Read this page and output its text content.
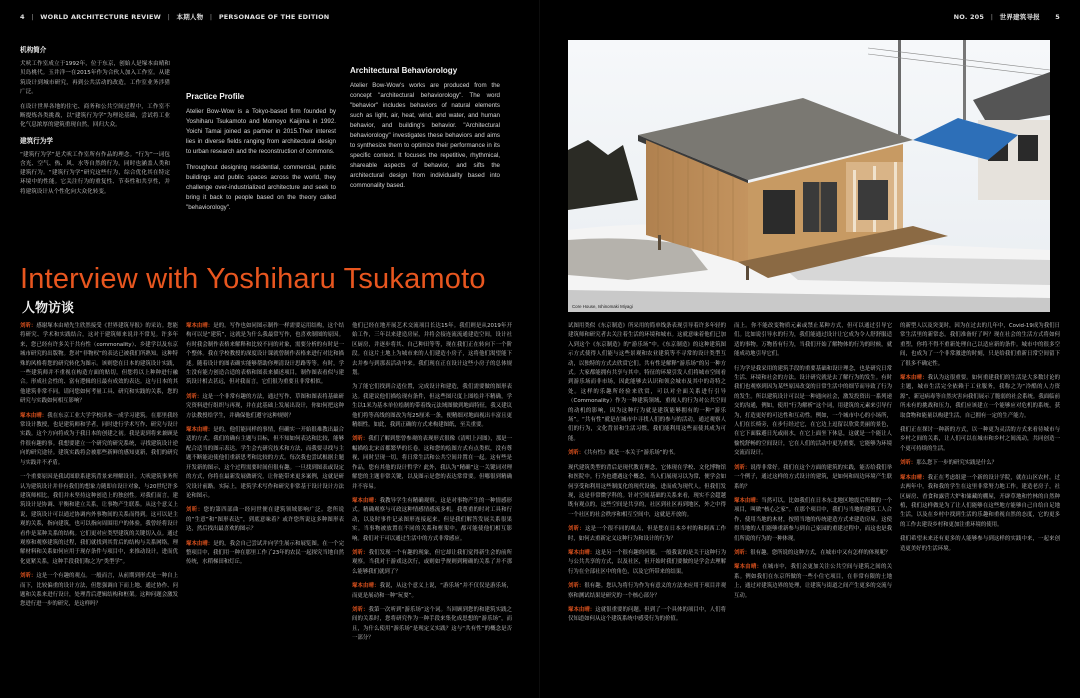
4 | WORLD ARCHITECTURE REVIEW | 本期人物 | PERSONAGE OF THE EDITION
机构简介

犬吠工作室成立于1992年，位于东京，创始人是塚本由晴和贝岛桃代。玉井洋一在2015年作为合伙人加入工作室。从建筑设计到城市研究，再到公共活动的改造，工作室业务涉猎广泛。

在设计世界各地的住宅、商务和公共空间过程中，工作室不断提炼各类挑战，以“建筑行为学”为理论基础，尝试将工业化气息浓厚的建筑重现自然，回归大众。

建筑行为学

“建筑行为学”是犬吠工作室所有作品的理念。“行为”一词包含光、空气、热、风、水等自然的行为，同时也涵盖人类和建筑行为。“建筑行为学”研究这些行为，综合优化其在特定环境中的性能。它关注行为的重复性、节奏性和共享性，并将建筑设计从个性化向大众化转变。

Practice Profile

Atelier Bow-Wow is a Tokyo-based firm founded by Yoshiharu Tsukamoto and Momoyo Kaijima in 1992. Yoichi Tamai joined as partner in 2015.Their interest lies in diverse fields ranging from architectural design to urban research and the reconstruction of commons.

Throughout designing residential, commercial, public buildings and public spaces across the world, they challenge over-industrialized architecture and seek to bring it back to people based on the theory called "behaviorology".

Architectural Behaviorology

Atelier Bow-Wow's works are produced from the concept "architectural behaviorology". The word "behavior" includes behaviors of natural elements such as light, air, heat, wind, and water, and human behavior, and building's behavior. "Architectural behaviorology" investigates these behaviors and aims to synthesize them to optimize their performance in its specific context. It focuses the repetitive, rhythmical, shareable aspects of behavior, and sifts the architectural design from individuality based into commonality based.

Interview with Yoshiharu Tsukamoto
人物访谈

刘昕：感谢塚本由晴先生欣然接受《世界建筑导报》的采访。您能将研究、学术和实践结合，这对于建筑师来说并不常见。许多年来，您已经有许多关于共有性（commonality）、乡建学以及东京城市研究的出版物。您对“非物权”的表达已被我们所熟知。这种特殊的风格将您的研究转化为图示。该则您在日本的建筑设计实践，一些建筑师并不重视在构造方面的贴切，但您将以上种种进行融合。形成社会性的、富有逻辑的且最有成效的表达。这与日本的其他建筑非常不同。请问您如何考量工具、研究和实践的关系，您的研究与实践如何相互影响？

塚本由晴：我在东京工业大学学校读本一成学习建筑。在那里我经常设计教授，也是建筑师和学者，同时进行学术写作、研究与设计实践。这个方向将成为于我日本的创建之初。我是说到将来兼顾是件很有趣的事。我想要建立一个研究的研究系统，寻找建筑设计逆向的研究途径。建筑实践将会被那些新鲜的感知更新，我们的研究与实践并不矛盾。

一个重要原因是我试图联系建筑背景来理解设计。大吠建筑事务所认为建筑设计并非有我们的想象力随即自设计对象，与20世纪许多建筑师相比，我们并未坚持这种创造上的独创性。对我们而言，建筑设计是协调、平衡和建立关系，让事物产生联系。从这个意义上说，建筑设计可以通过协调内外事物间的关系而得到。这可以是主观的关系，指向建筑，也可以指向周围用户的体验。我曾经将设计看作是某种关系的结构。它们更对应类型建筑的关键切入点。通过观察和观察建筑的过程，我们就找到其背后的结构与关系网络，理解材料和关系如何应用于现存条件与项目中，来推动设计，进而优化更紧关系，这种手段我们称之为“类型学”。

刘昕：这是一个有趣的观点。一般而言，从前期到形式是一种自上而下，比较偏重的设计方法，但您强调自下而上地、通过协作、问题和关系来进行设计，处理背后逻辑结构和框架。这种问题会激发您进行进一步的研究，是这样吗？

塚本由晴：是的。写作也如同图示制作一样需要运用结构，这个结构可以是“建筑”，这就是为什么我最常写作，也喜欢制图的原因。有时我会制作表格来解释和比较不同的对象，需要分析的有时是一个整体。我在学校教授的深度设计课就曾制作表格来进行对比和描述。随着设计的图表确实能够帮助你理清设计思路等等。有时，学生没有能力创造合适的表格和图表来描述项目，制作图表看似与建筑设计相去甚远，但对我而言，它们很为重要且非常相似。

刘昕：这是一个非常有趣的方法，通过写作、草图和图表将基础研究资料进行组织与再现，并在此基础上发展出设计，你如何把这种方法教授给学生，并确保他们遵守这种规则？

塚本由晴：是的，他们能同样的事情，但确实一开始很难教出最合适的方式。我们的确有主题与目标，但不知如何表达和比较，能够配合适当的图示表达。学生会充研究技术和方法，而我要寻找与主题不断能迫使他们重新思考和比较的方式。每次我也尝试根据主题开发新的图示，这个过程需要时间但很有趣。一旦找到图表或设定的方式，你将在最新发展做研究，让你能带来更多案例，这就是研究设计前路。实际上，建筑学术写作和研究非常基于设计设计方法论和图示。

刘昕：您的第四部曲一经问世便在建筑领域影响广泛。您所说的“生意”和“图形表达”，到底意味着？或许您所说这多种图形表达，然后找出最喜欢的图示？

塚本由晴：是的，我会自己尝试并向学生展示和展览图。在一个完整项目中，我们用一种在那里工作了23年的农民一起探究当地自然传统，水稻梯田和灯丘。

他们已经在地开展艺术交流项目长达15年。我们则是从2019年开始工作，三年以来建造房屋，并将会接连流流通建造空间，设计社区厨房，并逐步将其、自己种田等等，现在我们正在转向下一个阶段。在这片土地上为城市来的人们建造小房子，这将他们渴望能下去并参与到那表活动中来。我们现在正在设计这些小房子的总体规划。

为了能它们找到合适位置，完成设计和建造，我们需要做的图形表达。我建议他们描绘现有条件，但这些图尺度上图绘并不精确，学生以1米为基本单位绘制的带着线元法域图做到地面特征，我又建议他们将等高线的图改为每25厘米一条，便精细对地面视出丰富且更精细性。如此，我到正确的方式来构建图纸，至关重要。

刘昕：我们了解到您曾参观的表现形式很像《清明上河图》，那是一幅描绘北宋首都繁华的长卷。这和您的绘图方式有点类似，没有尊视，同时呈现一切，将日常生活和公共空间并置在一起。这有些是作品，您有其他的设计哲学？此外，我认为“精确”这一关键词对理解您的主题非常关键，以及图示是您的表达常常要。但哪很到精确并不容易。

塚本由晴：我教导学生有精确观察。这是对事物产生的一种情感形式。精确观察与可政这种情感情感流多机。我尊重的时对工具和行动，以及时事件记录图形连接起来。但是我们解答发展关系很果实。当事物被放置在不同的关系和框架中，都可能使他们相互影响。我们对于可以通过生活中的方式非常感应。

刘昕：我们发现一个有趣的现象，但它却让我们觉得新生会的前所观察。当我对于游戏这次行，或则如乎规则到精确的关系了并不那么能够我们就到了？

塚本由晴：我说，从这个意义上说，“游乐场”并不仅仅是游乐场，而更是展动和一种“玩耍”。

刘昕：我第一次听到“游乐场”这个词。当回顾到您的和建筑实践之间的关系时，您将研究作为一种手段来集化成思想的“游乐场”，而且，为什么使用“游乐场”是现定义实践？这与“共有性”的概念是否一部分？

NO. 205 | 世界建筑导报 5

试图用类似《东京制造》所采用的简单线条表现引导着许多年轻的建筑师和研究者去关注着生活的环境和城市。这就意味着他们已加入到这个《东京制造》的“游乐场”中。《东京制造》的这种建筑图示方式使得人们能与这些景观和农业建筑等不寻常的设计类型互动，以独特的方式去欣赏它们。共有性是解释“游乐场”的另一种方式。大家都能拥有共享与其中。特征的环境引发人们将城市空间看到游乐场而非市场，因此能够去认识和领会城市及其中的奇特之处。这样的乐趣所经验来欣赏，可以对全面关系进行引导（Commonality）作为一种建筑领域、重视人的行为对公共空间的动机的影响，因为这种行为就是建筑能够拥有的一种“游乐场”。“共有性”就是在城市中寻找人们的参与的活动，通过观察人们的行为，文化背景和生活习惯，我们能利用这些而使其成为可能。

刘昕：《共有性》就是一本关于“游乐场”的书。

现代建筑类型的背后是现代教育理念，它体现在学校、文化博物馆和医院中。行为也遭遇这个概念，当人们展现习以为常，便学会如何享受和利用这些制度化的现代设施，进而成为现代人。但我们发现，这是非常微学科的。针对空间基础的关系来看，现实不会超越既有观点的，这些空间是共享的，社区到社区再到地区，外之中得一个社区的社会秩序和相互空间中，这就是开放的。

刘昕：这是一个很不同的观点，但是您在日本乡村的和阿西工作时，如何去重新定义这种行为和设计的行为？

塚本由晴：这是另一个很有趣的问题。一般我说的是关于这种行为与公共共享的方式，以及社区，但开始时我们要做的是学会去理解行为在全部社区中的角色，以及它所带来的结果。

刘昕：很有趣。您认为将行为作为有意义的方法来应用于项目并观察和测试结果是研究的一个核心部分？

塚本由晴：这就很重要的问题。但到了一个具体的项目中，人们将仅知道如何从这个建筑系统中感受行为的价值。

而上。你不能改变物质元素或禁止某种方式，但可以通过引导它们。比如说引导水的行为，我们能通过设计让它成为令人舒舒服适适的事物。万物皆有行为，当我们开始了解物体的行为的时候，就能成功地引导它们。

行为学是我采用的建筑手段的重要基础和设计理念，也是研究日常生活、环境和社会的方法。设计研究就是去了解行为的发生。有时我们也观察到因为某些原因改变的日常生活中的细节而导致了行为的发生。所以建筑设计可以是一种通向社会，激发投资出一系列递交的沟通，例如，使用“行为解析”这个词，用建筑的元素来引导行为，打造更好的可达性和互动性。例如，一个城市中心的小场所，人们在长椅旁，在步行经过它，在它边上逗留以欣赏美丽的景色，在它下面躲避日光或雨水，在它上面坐下休息，这就是一个能让人愉悦舒畅的空间设计，它在人们的活动中更为重要，它能够为环境交流而设计。

刘昕：说得非常好。我们在这个方面的建筑的实践，能否给我们举一个例子，通过这样的方式设计的建筑，是如何和周边环境产生联系的？

塚本由晴：当然可以。比如我们在日本东北地区地震后所做的一个项目，叫做“核心之家”。在那个项目中，我们与当地的建筑工人合作，使用当地的木材，按照当地的传统建造方式来建造房屋。这使得当地的人们能够重新参与到自己家园的重建过程中，而这也是我们所说的行为的一种体现。

刘昕：很有趣。您所说的这种方式，在城市中又有怎样的体现呢？

塚本由晴：在城市中，我们会更加关注公共空间与建筑之间的关系。例如我们在东京所做的一些小住宅项目，在非常有限的土地上，通过对建筑边界的处理，让建筑与街道之间产生更多的交流与互动。

的新型人以及突变时，因为在过去的几年中，Covid-19成为我们日常生活里的新常态。我们准备好了吗？现在社会的生活方式将如何重塑，你将不得不重新处理自己以适应新的条件。城市中的很多空间，也成为了一个非常激进的时刻，只是给我们重新日常空间留下了很多不确定性。

塚本由晴：我认为这很重要。如何重建我们的生活是大多数讨论的主题，城市生活完全依赖于工业服务，我称之为“冷酷的人力资源”，新冠病毒等自然灾害向我们展示了脆弱的社会系统。我面临前所未有的挑战和压力，我们应该建立一个能够应对危机的系统，获取食物和能量以构建生活，自己拥有一定的生产能力。

我们正在探讨一种新的方式，以一种更为灵活的方式来看待城市与乡村之间的关系，让人们可以在城市和乡村之间流动，共同创造一个更可持续的生活。

刘昕：那么您下一步的研究实践是什么？

塚本由晴：我正在考虑组建一个新的设计学院，就在山区农村。过去两年中，我和我的学生在这里非常努力地工作。建造老房子，社区厨房、香食和露营大炉和储藏的棚屋，开辟草地和竹林的自然种植，我们这样做是为了让人们能够在这些地方能够自己自给自足地生活，以及在乡村中找到生活的乐趣和重视自然的态度，它的更多的工作去建设乡村和更加注重环境的使用。

我们希望未来还有更多的人能够参与到这样的实践中来，一起来创造更美好的生活环境。

Core House, Ishinomaki Miyagi
